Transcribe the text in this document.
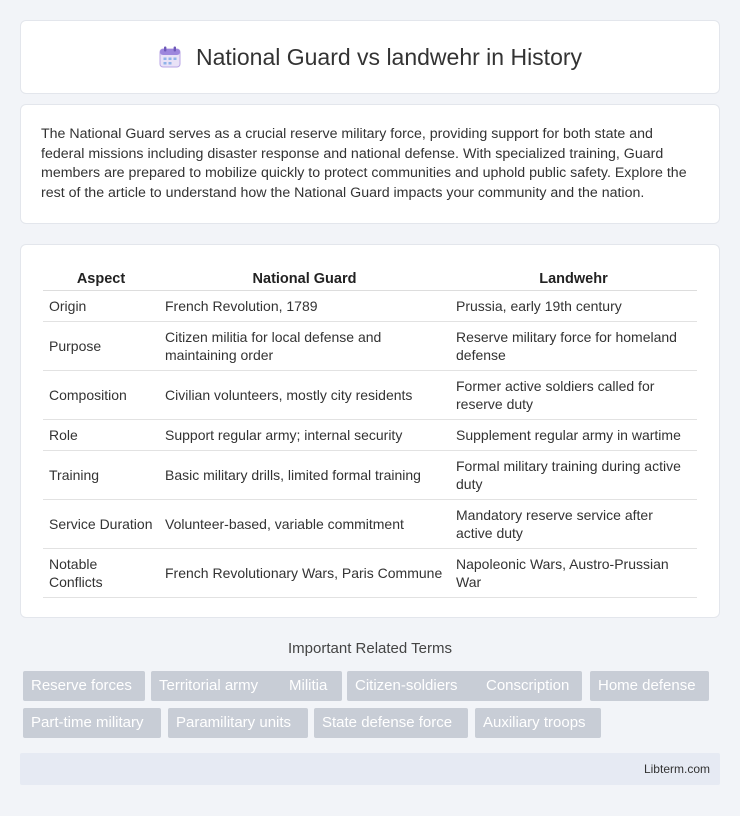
National Guard vs landwehr in History

The National Guard serves as a crucial reserve military force, providing support for both state and federal missions including disaster response and national defense. With specialized training, Guard members are prepared to mobilize quickly to protect communities and uphold public safety. Explore the rest of the article to understand how the National Guard impacts your community and the nation.

Aspect	National Guard	Landwehr
Origin	French Revolution, 1789	Prussia, early 19th century
Purpose	Citizen militia for local defense and maintaining order	Reserve military force for homeland defense
Composition	Civilian volunteers, mostly city residents	Former active soldiers called for reserve duty
Role	Support regular army; internal security	Supplement regular army in wartime
Training	Basic military drills, limited formal training	Formal military training during active duty
Service Duration	Volunteer-based, variable commitment	Mandatory reserve service after active duty
Notable Conflicts	French Revolutionary Wars, Paris Commune	Napoleonic Wars, Austro-Prussian War
Important Related Terms
Reserve forces	Territorial army	Militia	Citizen-soldiers	Conscription	Home defense
Part-time military	Paramilitary units	State defense force	Auxiliary troops
Libterm.com
